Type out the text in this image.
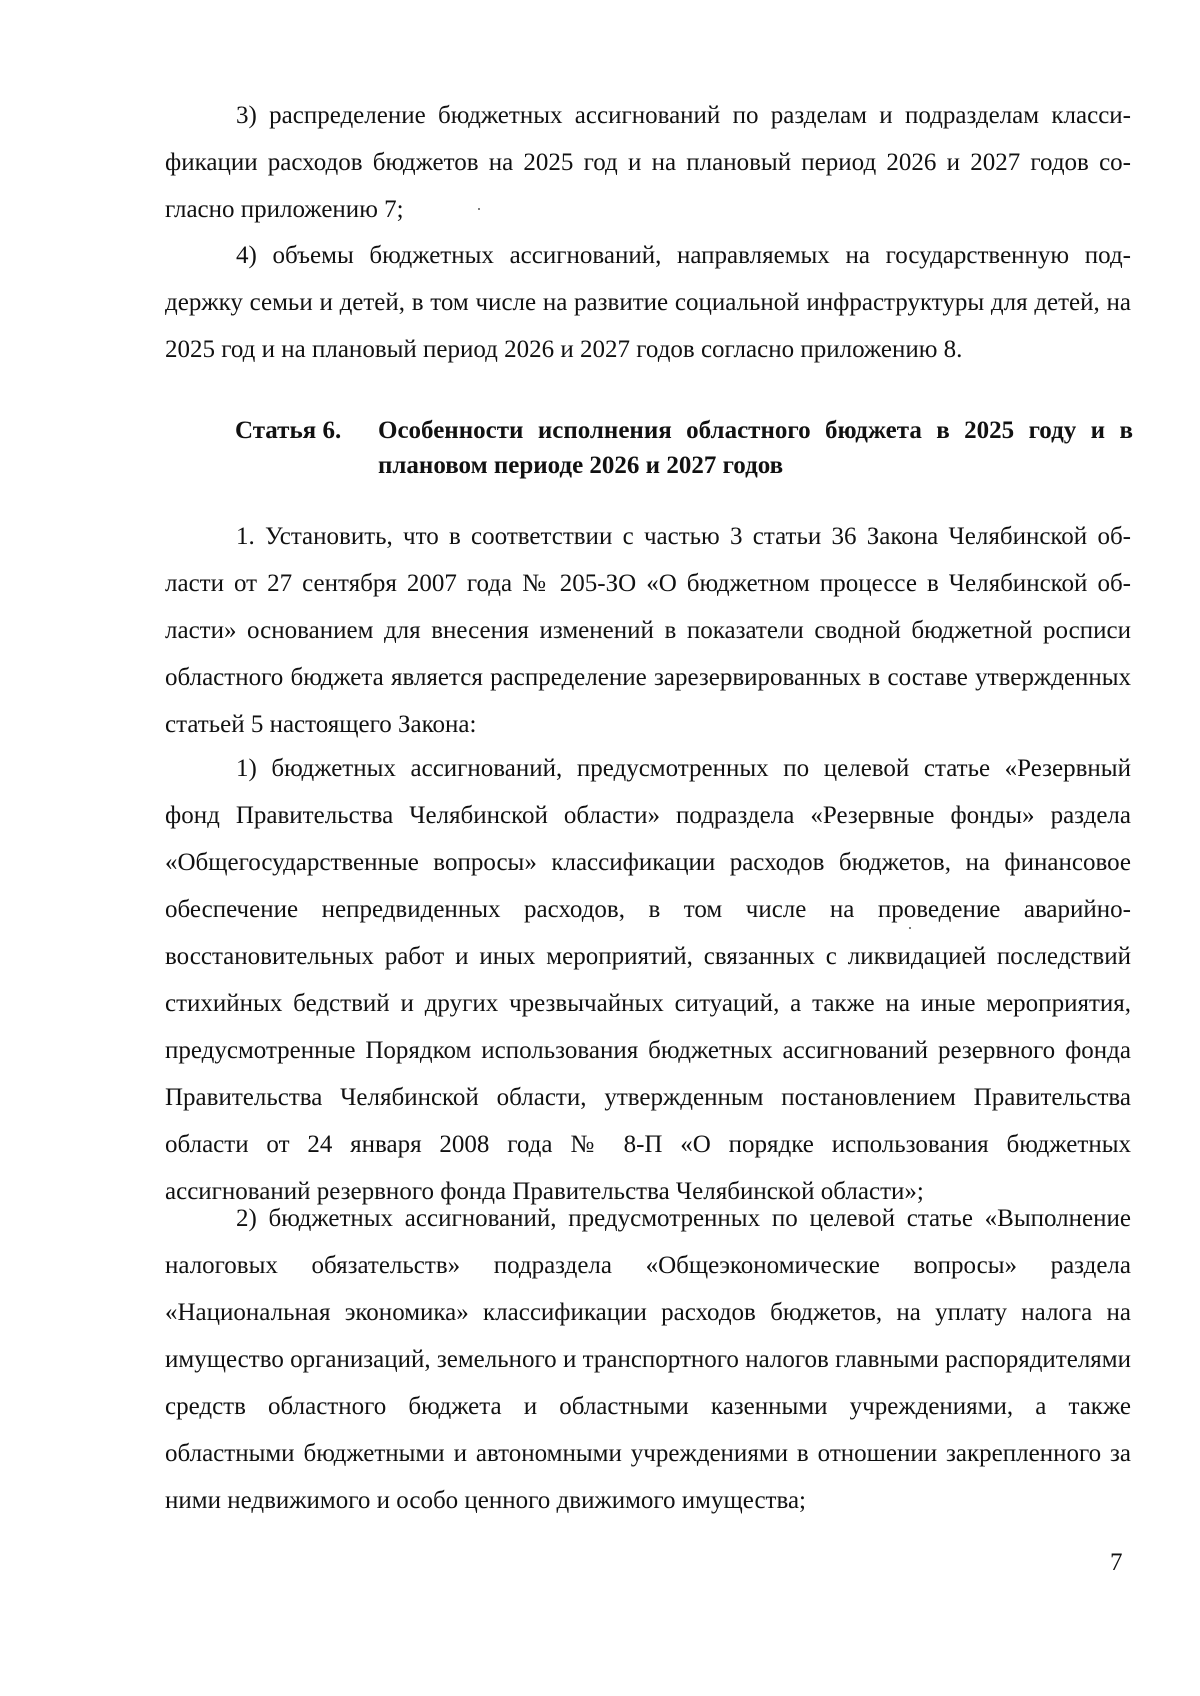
3) распределение бюджетных ассигнований по разделам и подразделам классификации расходов бюджетов на 2025 год и на плановый период 2026 и 2027 годов согласно приложению 7;

4) объемы бюджетных ассигнований, направляемых на государственную поддержку семьи и детей, в том числе на развитие социальной инфраструктуры для детей, на 2025 год и на плановый период 2026 и 2027 годов согласно приложению 8.

Статья 6. Особенности исполнения областного бюджета в 2025 году и в плановом периоде 2026 и 2027 годов

1. Установить, что в соответствии с частью 3 статьи 36 Закона Челябинской области от 27 сентября 2007 года № 205-ЗО «О бюджетном процессе в Челябинской области» основанием для внесения изменений в показатели сводной бюджетной росписи областного бюджета является распределение зарезервированных в составе утвержденных статьей 5 настоящего Закона:

1) бюджетных ассигнований, предусмотренных по целевой статье «Резервный фонд Правительства Челябинской области» подраздела «Резервные фонды» раздела «Общегосударственные вопросы» классификации расходов бюджетов, на финансовое обеспечение непредвиденных расходов, в том числе на проведение аварийно-восстановительных работ и иных мероприятий, связанных с ликвидацией последствий стихийных бедствий и других чрезвычайных ситуаций, а также на иные мероприятия, предусмотренные Порядком использования бюджетных ассигнований резервного фонда Правительства Челябинской области, утвержденным постановлением Правительства области от 24 января 2008 года № 8-П «О порядке использования бюджетных ассигнований резервного фонда Правительства Челябинской области»;

2) бюджетных ассигнований, предусмотренных по целевой статье «Выполнение налоговых обязательств» подраздела «Общеэкономические вопросы» раздела «Национальная экономика» классификации расходов бюджетов, на уплату налога на имущество организаций, земельного и транспортного налогов главными распорядителями средств областного бюджета и областными казенными учреждениями, а также областными бюджетными и автономными учреждениями в отношении закрепленного за ними недвижимого и особо ценного движимого имущества;

7
